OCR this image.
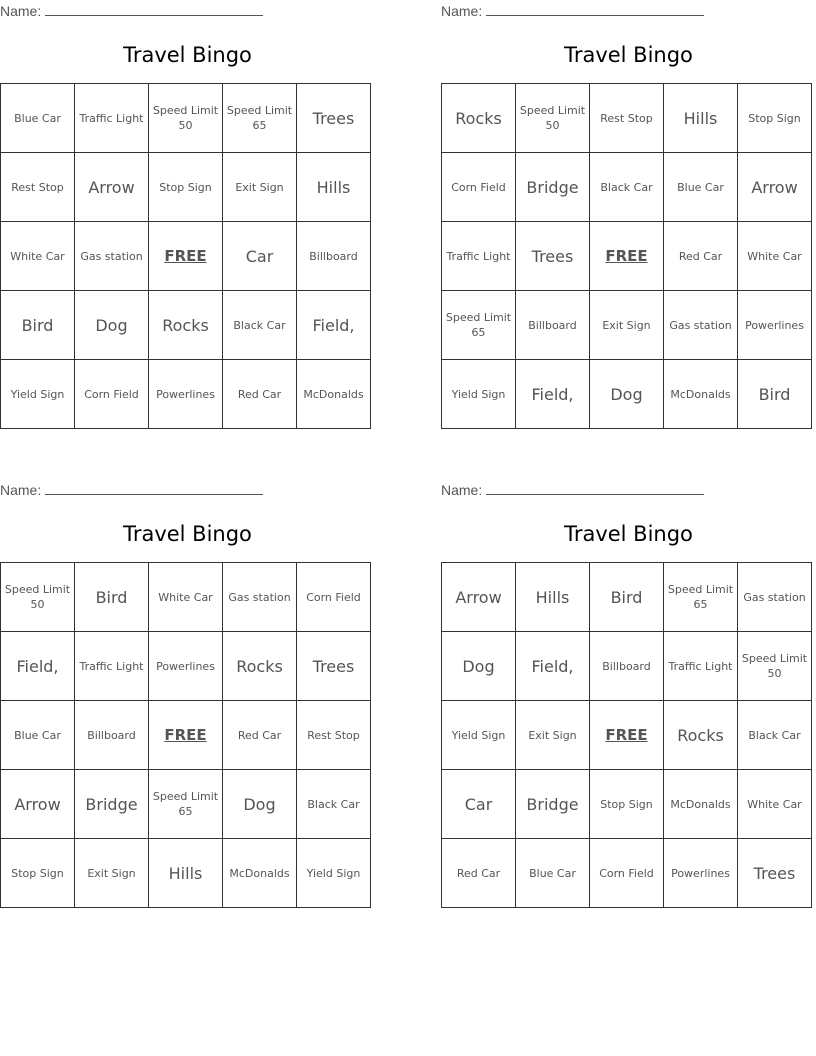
Name:
Travel Bingo
Blue Car	Traffic Light	Speed Limit 50	Speed Limit 65	Trees
Rest Stop	Arrow	Stop Sign	Exit Sign	Hills
White Car	Gas station	FREE	Car	Billboard
Bird	Dog	Rocks	Black Car	Field,
Yield Sign	Corn Field	Powerlines	Red Car	McDonalds
Name:
Travel Bingo
Rocks	Speed Limit 50	Rest Stop	Hills	Stop Sign
Corn Field	Bridge	Black Car	Blue Car	Arrow
Traffic Light	Trees	FREE	Red Car	White Car
Speed Limit 65	Billboard	Exit Sign	Gas station	Powerlines
Yield Sign	Field,	Dog	McDonalds	Bird
Name:
Travel Bingo
Speed Limit 50	Bird	White Car	Gas station	Corn Field
Field,	Traffic Light	Powerlines	Rocks	Trees
Blue Car	Billboard	FREE	Red Car	Rest Stop
Arrow	Bridge	Speed Limit 65	Dog	Black Car
Stop Sign	Exit Sign	Hills	McDonalds	Yield Sign
Name:
Travel Bingo
Arrow	Hills	Bird	Speed Limit 65	Gas station
Dog	Field,	Billboard	Traffic Light	Speed Limit 50
Yield Sign	Exit Sign	FREE	Rocks	Black Car
Car	Bridge	Stop Sign	McDonalds	White Car
Red Car	Blue Car	Corn Field	Powerlines	Trees
